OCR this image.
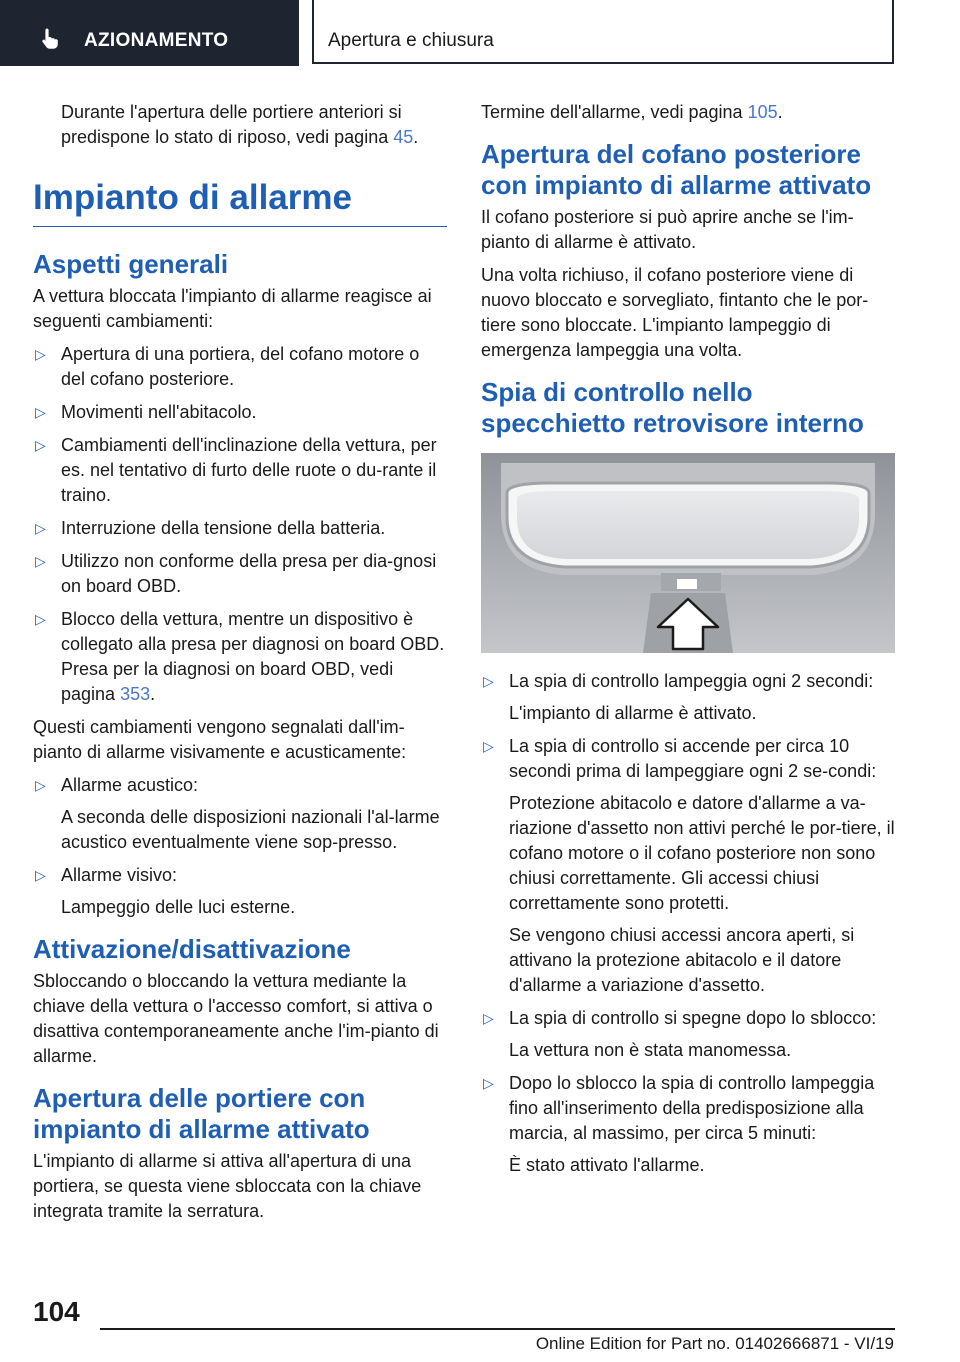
AZIONAMENTO	Apertura e chiusura

Durante l'apertura delle portiere anteriori si predispone lo stato di riposo, vedi pagina 45.

Impianto di allarme
Aspetti generali

A vettura bloccata l'impianto di allarme reagisce ai seguenti cambiamenti:

▷ Apertura di una portiera, del cofano motore o del cofano posteriore.
▷ Movimenti nell'abitacolo.
▷ Cambiamenti dell'inclinazione della vettura, per es. nel tentativo di furto delle ruote o du-rante il traino.
▷ Interruzione della tensione della batteria.
▷ Utilizzo non conforme della presa per dia-gnosi on board OBD.
▷ Blocco della vettura, mentre un dispositivo è collegato alla presa per diagnosi on board OBD. Presa per la diagnosi on board OBD, vedi pagina 353.

Questi cambiamenti vengono segnalati dall'im-pianto di allarme visivamente e acusticamente:

▷ Allarme acustico:
A seconda delle disposizioni nazionali l'al-larme acustico eventualmente viene sop-presso.
▷ Allarme visivo:
Lampeggio delle luci esterne.
Attivazione/disattivazione

Sbloccando o bloccando la vettura mediante la chiave della vettura o l'accesso comfort, si attiva o disattiva contemporaneamente anche l'im-pianto di allarme.

Apertura delle portiere con impianto di allarme attivato

L'impianto di allarme si attiva all'apertura di una portiera, se questa viene sbloccata con la chiave integrata tramite la serratura.

Termine dell'allarme, vedi pagina 105.

Apertura del cofano posteriore con impianto di allarme attivato

Il cofano posteriore si può aprire anche se l'im-pianto di allarme è attivato.

Una volta richiuso, il cofano posteriore viene di nuovo bloccato e sorvegliato, fintanto che le por-tiere sono bloccate. L'impianto lampeggio di emergenza lampeggia una volta.

Spia di controllo nello specchietto retrovisore interno
▷ La spia di controllo lampeggia ogni 2 secondi:
L'impianto di allarme è attivato.
▷ La spia di controllo si accende per circa 10 secondi prima di lampeggiare ogni 2 se-condi:
Protezione abitacolo e datore d'allarme a va-riazione d'assetto non attivi perché le por-tiere, il cofano motore o il cofano posteriore non sono chiusi correttamente. Gli accessi chiusi correttamente sono protetti.
Se vengono chiusi accessi ancora aperti, si attivano la protezione abitacolo e il datore d'allarme a variazione d'assetto.
▷ La spia di controllo si spegne dopo lo sblocco:
La vettura non è stata manomessa.
▷ Dopo lo sblocco la spia di controllo lampeggia fino all'inserimento della predisposizione alla marcia, al massimo, per circa 5 minuti:
È stato attivato l'allarme.
104
Online Edition for Part no. 01402666871 - VI/19
